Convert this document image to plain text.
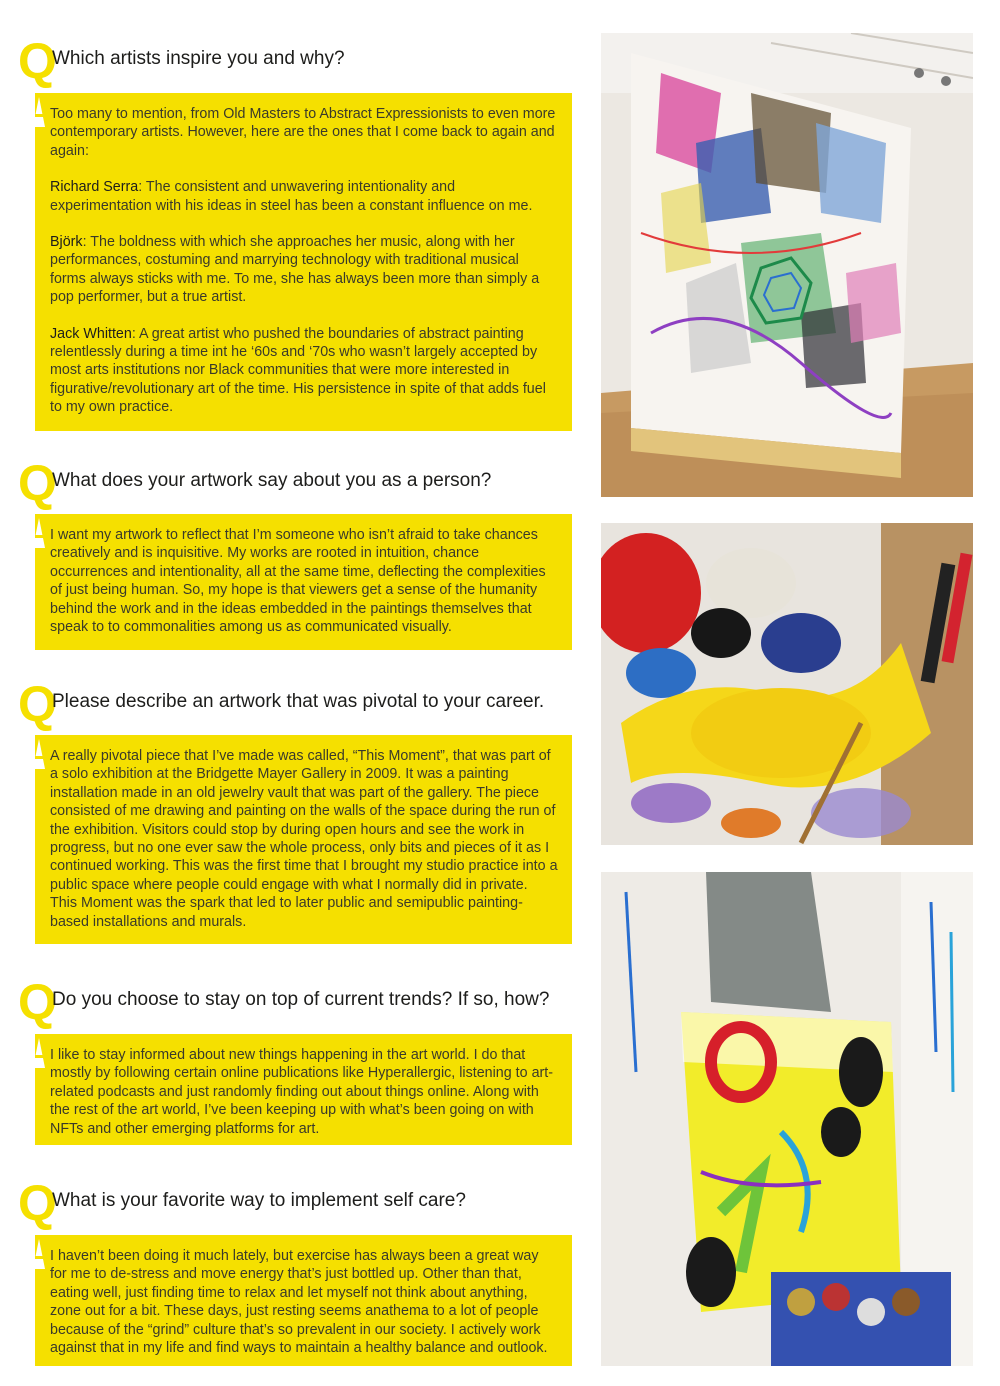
Q
Which artists inspire you and why?

Too many to mention, from Old Masters to Abstract Expressionists to even more contemporary artists. However, here are the ones that I come back to again and again:

Richard Serra: The consistent and unwavering intentionality and experimentation with his ideas in steel has been a constant influence on me.

Björk: The boldness with which she approaches her music, along with her performances, costuming and marrying technology with traditional musical forms always sticks with me. To me, she has always been more than simply a pop performer, but a true artist.

Jack Whitten: A great artist who pushed the boundaries of abstract painting relentlessly during a time int he ‘60s and ‘70s who wasn’t largely accepted by most arts institutions nor Black communities that were more interested in figurative/revolutionary art of the time. His persistence in spite of that adds fuel to my own practice.

Q
What does your artwork say about you as a person?

I want my artwork to reflect that I’m someone who isn’t afraid to take chances creatively and is inquisitive. My works are rooted in intuition, chance occurrences and intentionality, all at the same time, deflecting the complexities of just being human. So, my hope is that viewers get a sense of the humanity behind the work and in the ideas embedded in the paintings themselves that speak to to commonalities among us as communicated visually.

Q
Please describe an artwork that was pivotal to your career.

A really pivotal piece that I’ve made was called, “This Moment”, that was part of a solo exhibition at the Bridgette Mayer Gallery in 2009. It was a painting installation made in an old jewelry vault that was part of the gallery. The piece consisted of me drawing and painting on the walls of the space during the run of the exhibition. Visitors could stop by during open hours and see the work in progress, but no one ever saw the whole process, only bits and pieces of it as I continued working. This was the first time that I brought my studio practice into a public space where people could engage with what I normally did in private. This Moment was the spark that led to later public and semipublic painting-based installations and murals.

Q
Do you choose to stay on top of current trends? If so, how?

I like to stay informed about new things happening in the art world. I do that mostly by following certain online publications like Hyperallergic, listening to art-related podcasts and just randomly finding out about things online. Along with the rest of the art world, I’ve been keeping up with what’s been going on with NFTs and other emerging platforms for art.

Q
What is your favorite way to implement self care?

I haven’t been doing it much lately, but exercise has always been a great way for me to de-stress and move energy that’s just bottled up. Other than that, eating well, just finding time to relax and let myself not think about anything, zone out for a bit. These days, just resting seems anathema to a lot of people because of the “grind” culture that’s so prevalent in our society. I actively work against that in my life and find ways to maintain a healthy balance and outlook.
